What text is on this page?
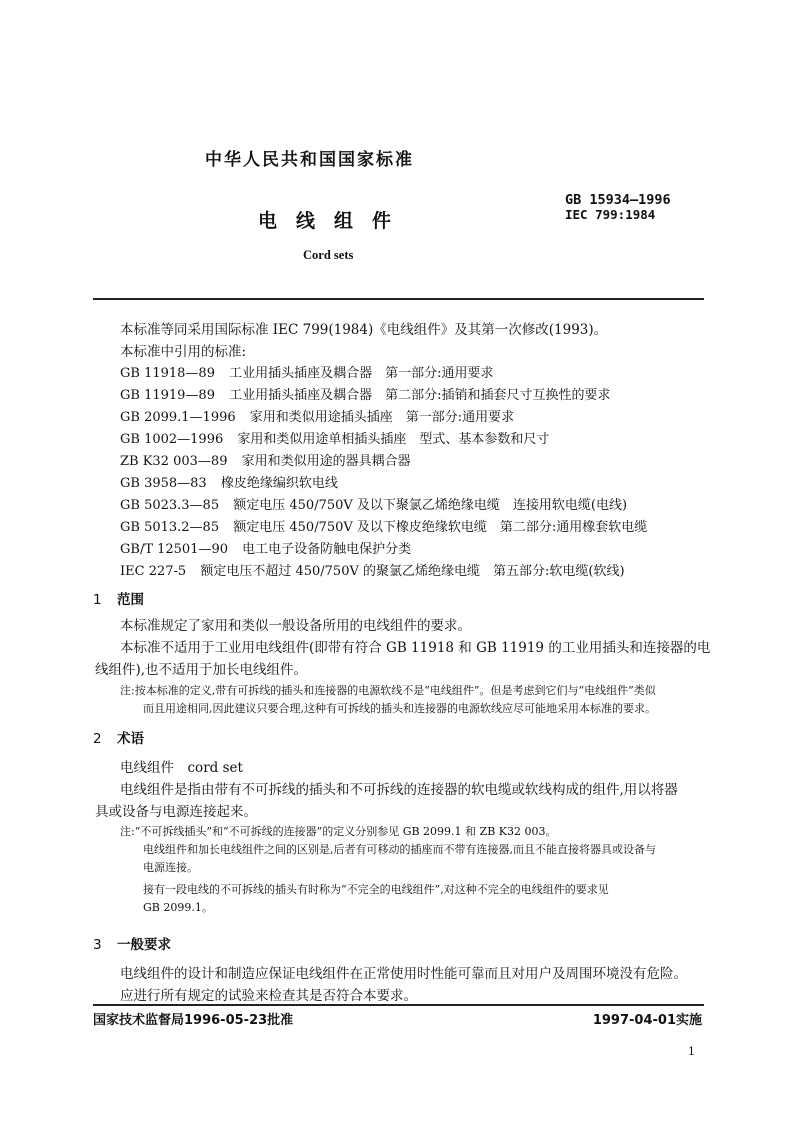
中华人民共和国国家标准
GB 15934—1996
IEC 799:1984
电　线　组　件
Cord sets
本标准等同采用国际标准 IEC 799(1984)《电线组件》及其第一次修改(1993)。
本标准中引用的标准:
GB 11918—89 工业用插头插座及耦合器　第一部分:通用要求
GB 11919—89 工业用插头插座及耦合器　第二部分:插销和插套尺寸互换性的要求
GB 2099.1—1996 家用和类似用途插头插座　第一部分:通用要求
GB 1002—1996 家用和类似用途单相插头插座　型式、基本参数和尺寸
ZB K32 003—89 家用和类似用途的器具耦合器
GB 3958—83 橡皮绝缘编织软电线
GB 5023.3—85 额定电压 450/750V 及以下聚氯乙烯绝缘电缆　连接用软电缆(电线)
GB 5013.2—85 额定电压 450/750V 及以下橡皮绝缘软电缆　第二部分:通用橡套软电缆
GB/T 12501—90 电工电子设备防触电保护分类
IEC 227-5 额定电压不超过 450/750V 的聚氯乙烯绝缘电缆　第五部分:软电缆(软线)
1 范围
本标准规定了家用和类似一般设备所用的电线组件的要求。
本标准不适用于工业用电线组件(即带有符合 GB 11918 和 GB 11919 的工业用插头和连接器的电
线组件),也不适用于加长电线组件。
注:按本标准的定义,带有可拆线的插头和连接器的电源软线不是“电线组件”。但是考虑到它们与“电线组件”类似
而且用途相同,因此建议只要合理,这种有可拆线的插头和连接器的电源软线应尽可能地采用本标准的要求。
2 术语
电线组件　cord set
电线组件是指由带有不可拆线的插头和不可拆线的连接器的软电缆或软线构成的组件,用以将器
具或设备与电源连接起来。
注:“不可拆线插头”和“不可拆线的连接器”的定义分别参见 GB 2099.1 和 ZB K32 003。
电线组件和加长电线组件之间的区别是,后者有可移动的插座而不带有连接器,而且不能直接将器具或设备与
电源连接。
接有一段电线的不可拆线的插头有时称为“不完全的电线组件”,对这种不完全的电线组件的要求见
GB 2099.1。
3 一般要求
电线组件的设计和制造应保证电线组件在正常使用时性能可靠而且对用户及周围环境没有危险。
应进行所有规定的试验来检查其是否符合本要求。
国家技术监督局1996-05-23批准	1997-04-01实施
1
